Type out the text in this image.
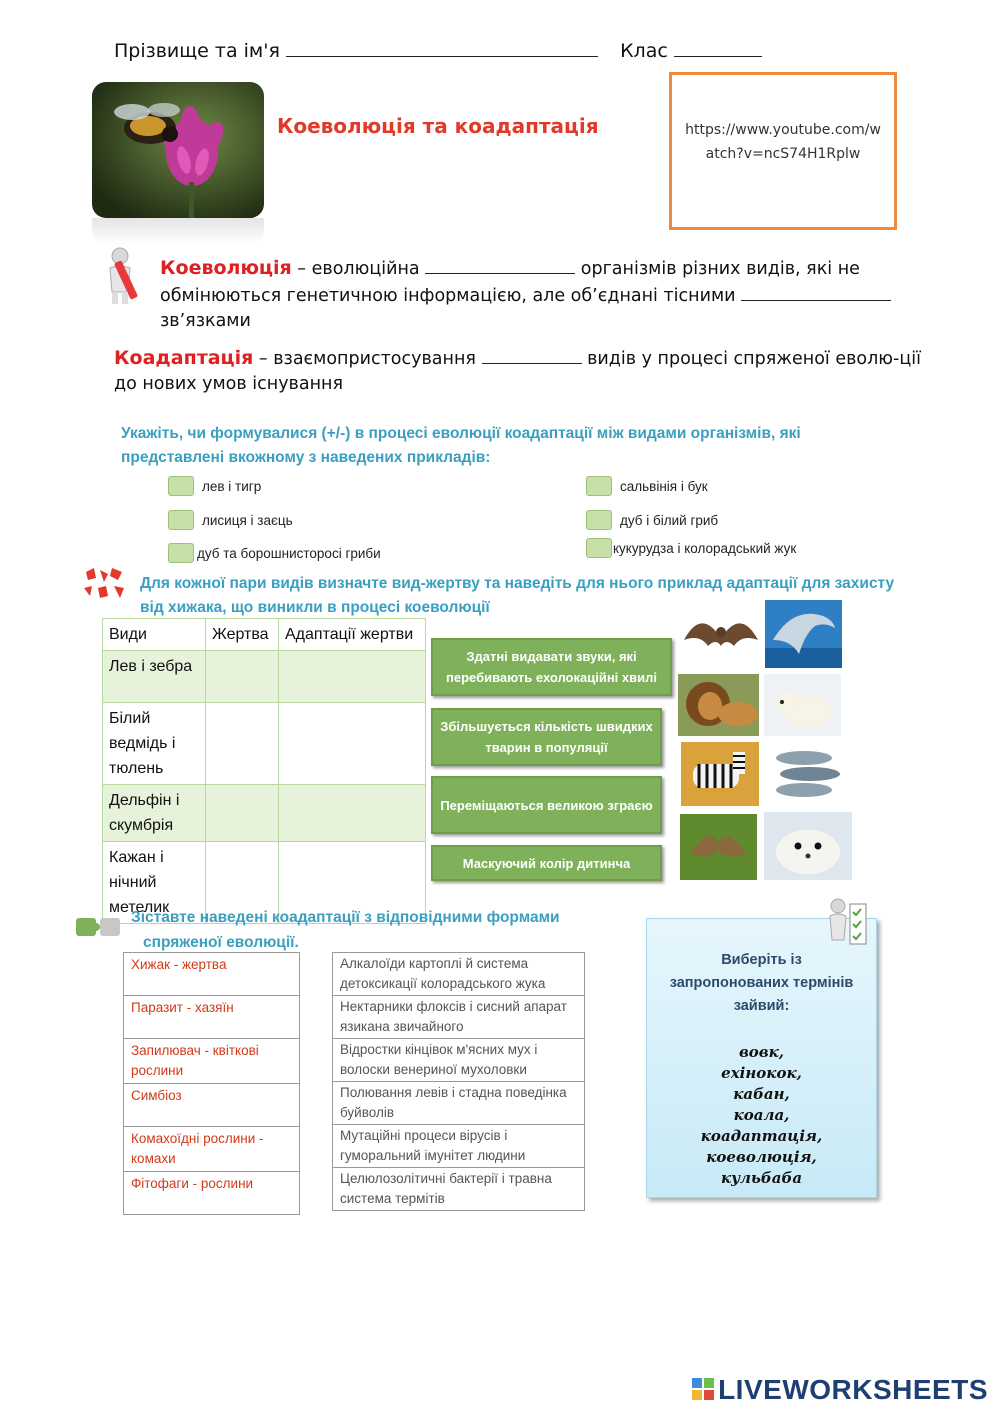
Прізвище та ім'я	Клас
Коеволюція та коадаптація	https://www.youtube.com/watch?v=ncS74H1Rplw
Коеволюція – еволюційна	організмів різних видів, які не обмінюються генетичною інформацією, але об’єднані тісними
зв’язками
Коадаптація – взаємопристосування	видів у процесі спряженої еволю-ції до нових умов існування
Укажіть, чи формувалися (+/-) в процесі еволюції коадаптації між видами організмів, які
представлені вкожному з наведених прикладів:
лев і тигр
лисиця і заєць
дуб та борошнисторосі гриби
сальвінія і бук
дуб і білий гриб
кукурудза і колорадський жук
Для кожної пари видів визначте вид-жертву та наведіть для нього приклад адаптації для захисту
від хижака, що виникли в процесі коеволюції
Види	Жертва	Адаптації жертви
Лев і зебра		
Білий ведмідь і тюлень		
Дельфін і скумбрія		
Кажан і нічний метелик		
Здатні видавати звуки, які перебивають ехолокаційні хвилі
Збільшується кількість швидких тварин в популяції
Переміщаються великою зграєю
Маскуючий колір дитинча
Зіставте наведені коадаптації з відповідними формами
спряженої еволюції.
Хижак - жертва
Паразит - хазяїн
Запилювач - квіткові рослини
Симбіоз
Комахоїдні рослини - комахи
Фітофаги - рослини
Алкалоїди картоплі й система детоксикації колорадського жука
Нектарники флоксів і сисний апарат язикана звичайного
Відростки кінцівок м'ясних мух і волоски венериної мухоловки
Полювання левів і стадна поведінка буйволів
Мутаційні процеси вірусів і гуморальний імунітет людини
Целюлозолітичні бактерії і травна система термітів
Виберіть із запропонованих термінів зайвий:
вовк,
ехінокок,
кабан,
коала,
коадаптація,
коеволюція,
кульбаба
LIVEWORKSHEETS
